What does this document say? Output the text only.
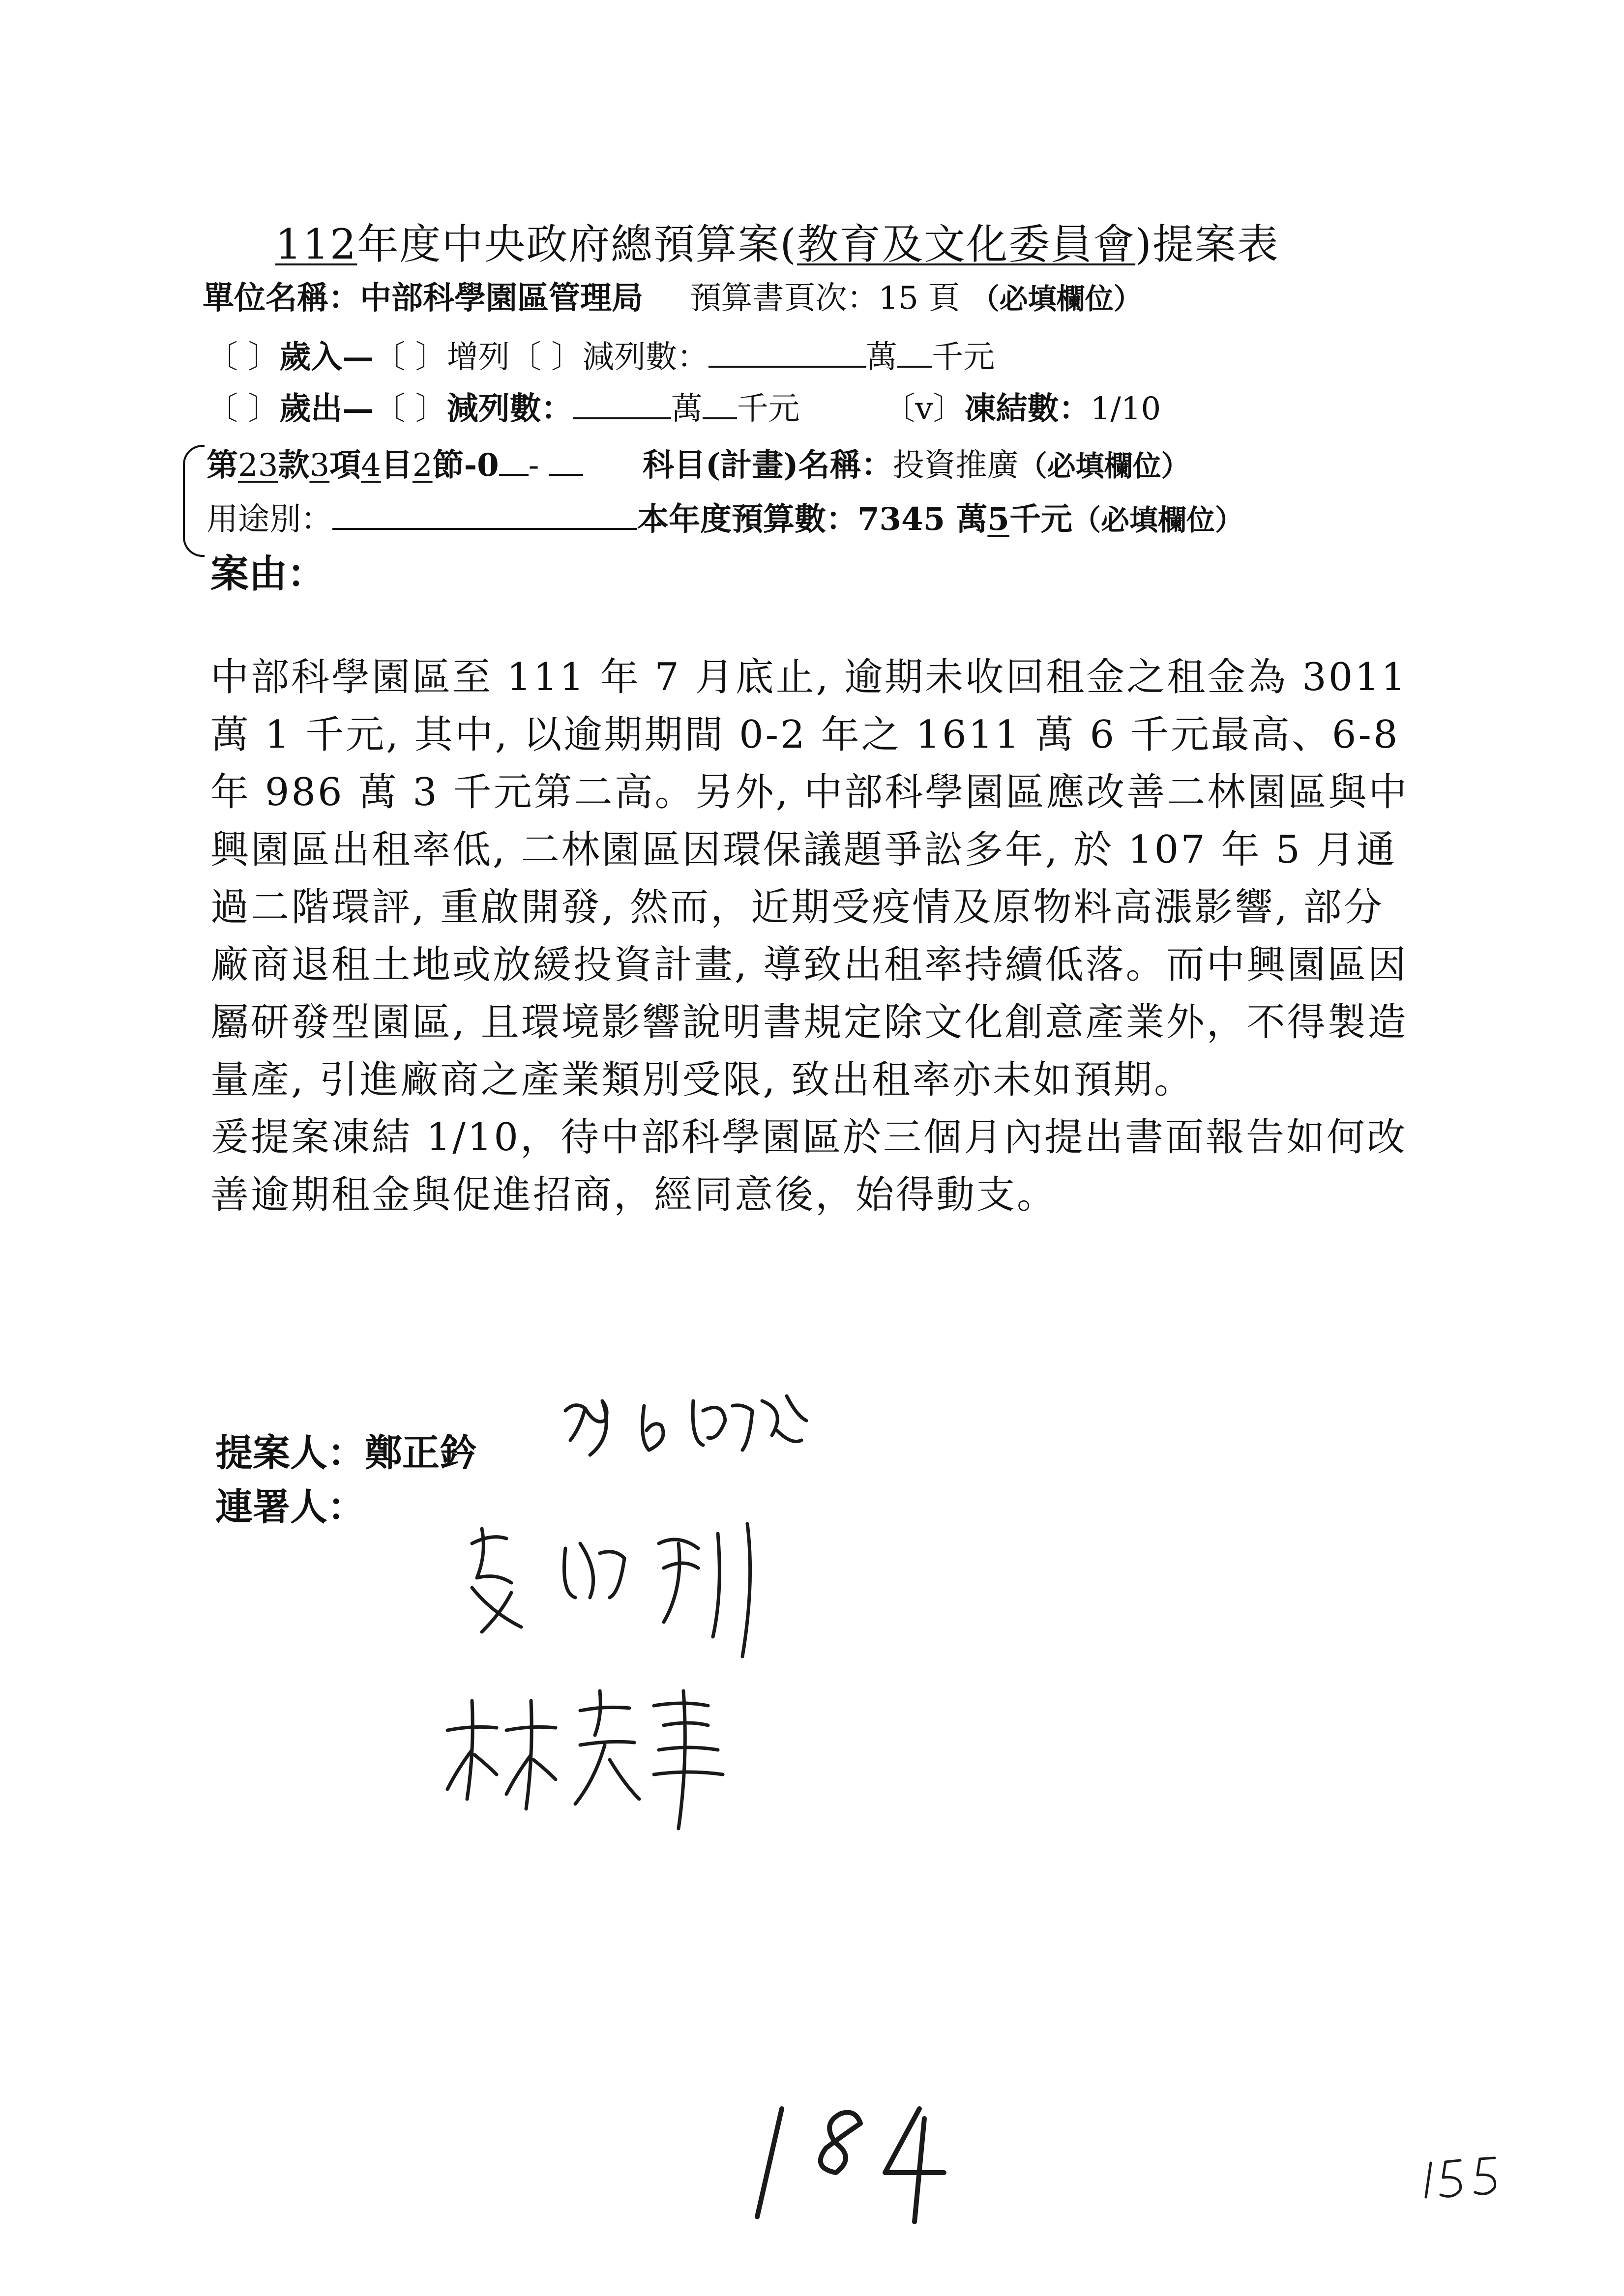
112年度中央政府總預算案(教育及文化委員會)提案表
單位名稱：中部科學園區管理局 預算書頁次：15 頁 （必填欄位）
〔 〕歲入—〔 〕增列〔 〕減列數：	萬 千元
〔 〕歲出—〔 〕減列數：	萬 千元	〔v〕凍結數：1/10
第23款3項4目2節-0 -	科目(計畫)名稱：投資推廣（必填欄位）
用途別：	本年度預算數：7345 萬5千元（必填欄位）
案由：

中部科學園區至 111 年 7 月底止, 逾期未收回租金之租金為 3011 萬 1 千元, 其中, 以逾期期間 0-2 年之 1611 萬 6 千元最高、6-8 年 986 萬 3 千元第二高。另外, 中部科學園區應改善二林園區與中興園區出租率低, 二林園區因環保議題爭訟多年, 於 107 年 5 月通過二階環評, 重啟開發, 然而，近期受疫情及原物料高漲影響, 部分廠商退租土地或放緩投資計畫, 導致出租率持續低落。而中興園區因屬研發型園區, 且環境影響說明書規定除文化創意產業外，不得製造量產, 引進廠商之產業類別受限, 致出租率亦未如預期。

爰提案凍結 1/10，待中部科學園區於三個月內提出書面報告如何改善逾期租金與促進招商，經同意後，始得動支。

提案人：鄭正鈐
連署人：
